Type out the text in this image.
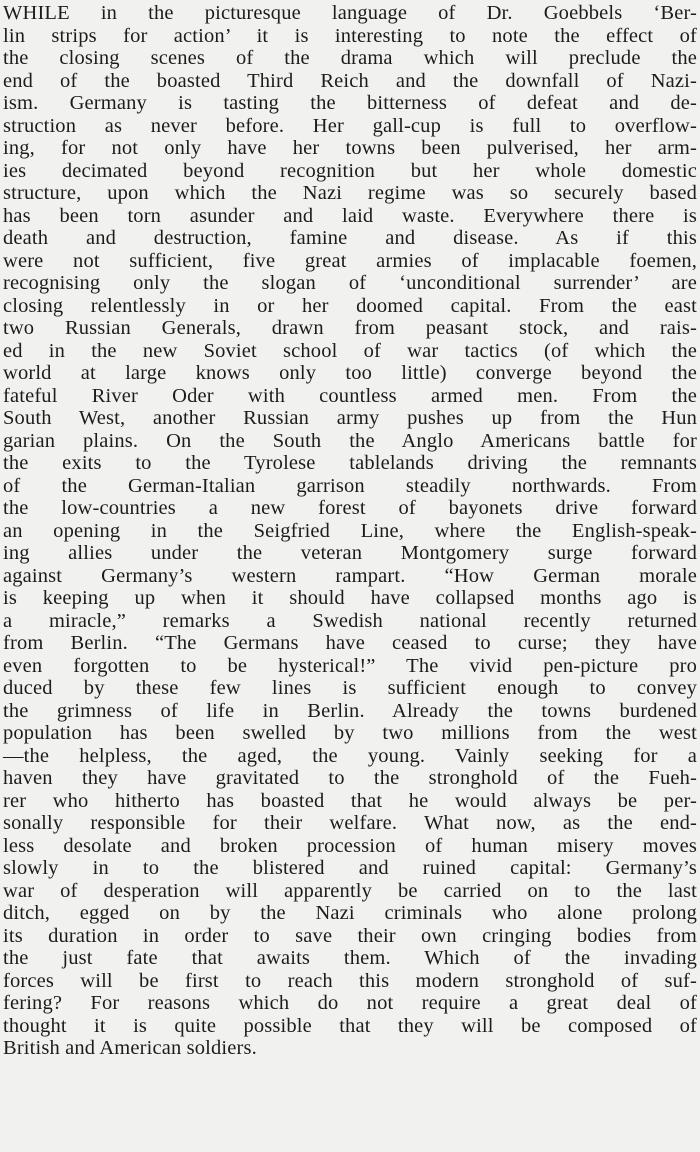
WHILE in the picturesque language of Dr. Goebbels ‘Ber-
lin strips for action’ it is interesting to note the effect of
the closing scenes of the drama which will preclude the
end of the boasted Third Reich and the downfall of Nazi-
ism. Germany is tasting the bitterness of defeat and de-
struction as never before. Her gall-cup is full to overflow-
ing, for not only have her towns been pulverised, her arm-
ies decimated beyond recognition but her whole domestic
structure, upon which the Nazi regime was so securely based
has been torn asunder and laid waste. Everywhere there is
death and destruction, famine and disease. As if this
were not sufficient, five great armies of implacable foemen,
recognising only the slogan of ‘unconditional surrender’ are
closing relentlessly in or her doomed capital. From the east
two Russian Generals, drawn from peasant stock, and rais-
ed in the new Soviet school of war tactics (of which the
world at large knows only too little) converge beyond the
fateful River Oder with countless armed men. From the
South West, another Russian army pushes up from the Hun
garian plains. On the South the Anglo Americans battle for
the exits to the Tyrolese tablelands driving the remnants
of the German-Italian garrison steadily northwards. From
the low-countries a new forest of bayonets drive forward
an opening in the Seigfried Line, where the English-speak-
ing allies under the veteran Montgomery surge forward
against Germany’s western rampart. “How German morale
is keeping up when it should have collapsed months ago is
a miracle,” remarks a Swedish national recently returned
from Berlin. “The Germans have ceased to curse; they have
even forgotten to be hysterical!” The vivid pen-picture pro
duced by these few lines is sufficient enough to convey
the grimness of life in Berlin. Already the towns burdened
population has been swelled by two millions from the west
—the helpless, the aged, the young. Vainly seeking for a
haven they have gravitated to the stronghold of the Fueh-
rer who hitherto has boasted that he would always be per-
sonally responsible for their welfare. What now, as the end-
less desolate and broken procession of human misery moves
slowly in to the blistered and ruined capital: Germany’s
war of desperation will apparently be carried on to the last
ditch, egged on by the Nazi criminals who alone prolong
its duration in order to save their own cringing bodies from
the just fate that awaits them. Which of the invading
forces will be first to reach this modern stronghold of suf-
fering? For reasons which do not require a great deal of
thought it is quite possible that they will be composed of
British and American soldiers.
